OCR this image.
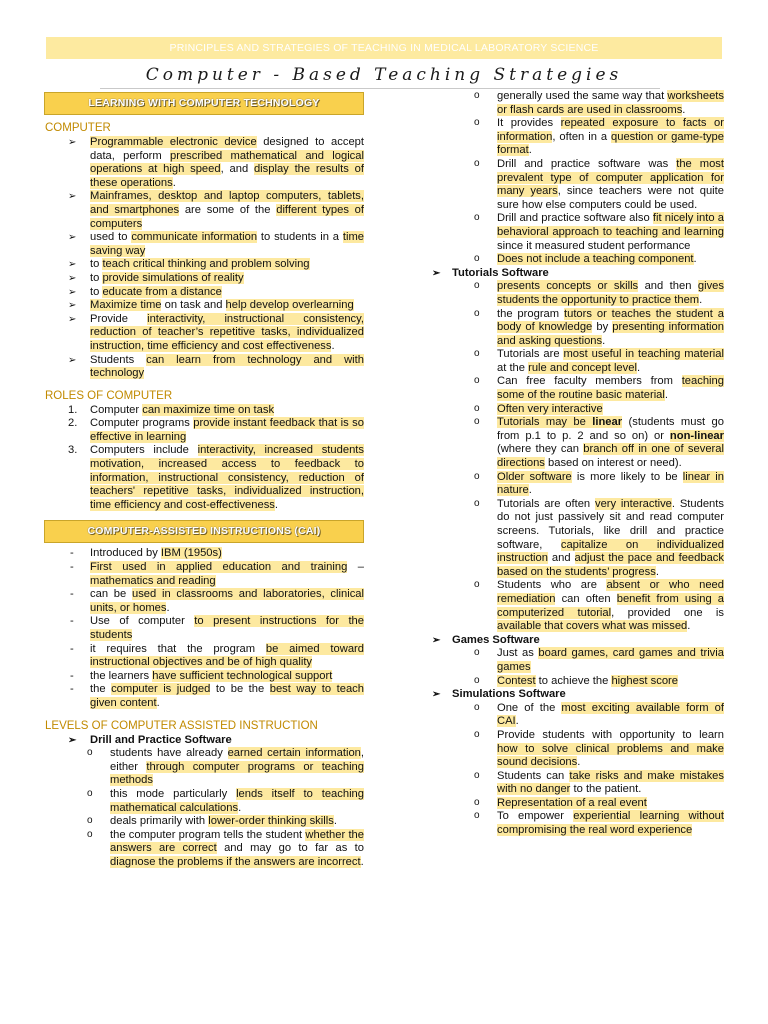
PRINCIPLES AND STRATEGIES OF TEACHING IN MEDICAL LABORATORY SCIENCE
Computer - Based Teaching Strategies
LEARNING WITH COMPUTER TECHNOLOGY
COMPUTER
➢ Programmable electronic device designed to accept data, perform prescribed mathematical and logical operations at high speed, and display the results of these operations.
➢ Mainframes, desktop and laptop computers, tablets, and smartphones are some of the different types of computers
➢ used to communicate information to students in a time saving way
➢ to teach critical thinking and problem solving
➢ to provide simulations of reality
➢ to educate from a distance
➢ Maximize time on task and help develop overlearning
➢ Provide interactivity, instructional consistency, reduction of teacher’s repetitive tasks, individualized instruction, time efficiency and cost effectiveness.
➢ Students can learn from technology and with technology
ROLES OF COMPUTER
1. Computer can maximize time on task
2. Computer programs provide instant feedback that is so effective in learning
3. Computers include interactivity, increased students motivation, increased access to feedback to information, instructional consistency, reduction of teachers' repetitive tasks, individualized instruction, time efficiency and cost-effectiveness.
COMPUTER-ASSISTED INSTRUCTIONS (CAI)
- Introduced by IBM (1950s)
- First used in applied education and training – mathematics and reading
- can be used in classrooms and laboratories, clinical units, or homes.
- Use of computer to present instructions for the students
- it requires that the program be aimed toward instructional objectives and be of high quality
- the learners have sufficient technological support
- the computer is judged to be the best way to teach given content.
LEVELS OF COMPUTER ASSISTED INSTRUCTION
➢ Drill and Practice Software
o students have already earned certain information, either through computer programs or teaching methods
o this mode particularly lends itself to teaching mathematical calculations.
o deals primarily with lower-order thinking skills.
o the computer program tells the student whether the answers are correct and may go to far as to diagnose the problems if the answers are incorrect.
o generally used the same way that worksheets or flash cards are used in classrooms.
o It provides repeated exposure to facts or information, often in a question or game-type format.
o Drill and practice software was the most prevalent type of computer application for many years, since teachers were not quite sure how else computers could be used.
o Drill and practice software also fit nicely into a behavioral approach to teaching and learning since it measured student performance
o Does not include a teaching component.
➢ Tutorials Software
o presents concepts or skills and then gives students the opportunity to practice them.
o the program tutors or teaches the student a body of knowledge by presenting information and asking questions.
o Tutorials are most useful in teaching material at the rule and concept level.
o Can free faculty members from teaching some of the routine basic material.
o Often very interactive
o Tutorials may be linear (students must go from p.1 to p. 2 and so on) or non-linear (where they can branch off in one of several directions based on interest or need).
o Older software is more likely to be linear in nature.
o Tutorials are often very interactive. Students do not just passively sit and read computer screens. Tutorials, like drill and practice software, capitalize on individualized instruction and adjust the pace and feedback based on the students’ progress.
o Students who are absent or who need remediation can often benefit from using a computerized tutorial, provided one is available that covers what was missed.
➢ Games Software
o Just as board games, card games and trivia games
o Contest to achieve the highest score
➢ Simulations Software
o One of the most exciting available form of CAI.
o Provide students with opportunity to learn how to solve clinical problems and make sound decisions.
o Students can take risks and make mistakes with no danger to the patient.
o Representation of a real event
o To empower experiential learning without compromising the real word experience
